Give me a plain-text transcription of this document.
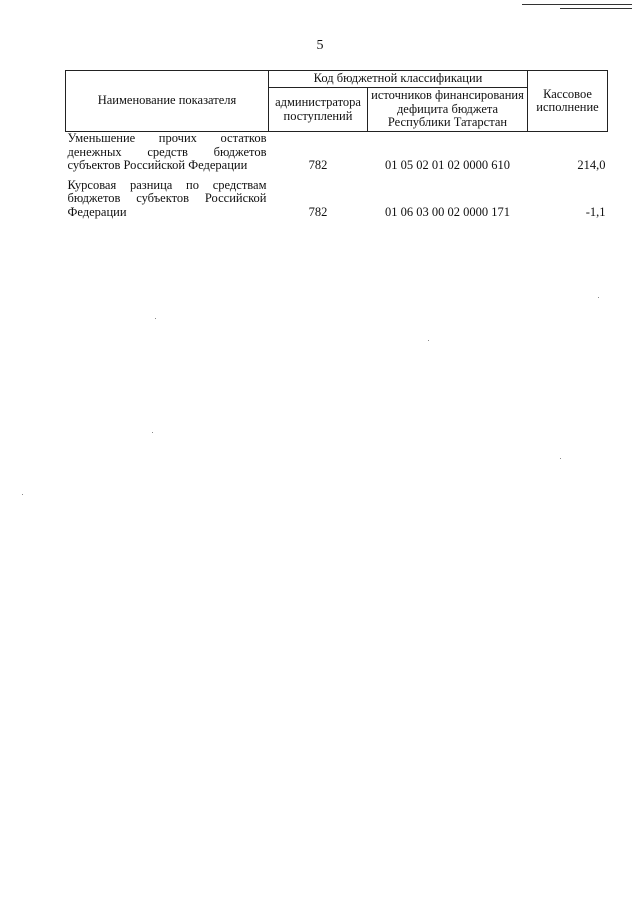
5
Наименование показателя	Код бюджетной классификации		Кассовое исполнение
	администратора поступлений	источников финансирования дефицита бюджета Республики Татарстан	
Уменьшение прочих остатков денежных средств бюджетов субъектов Российской Федерации	782	01 05 02 01 02 0000 610	214,0

Курсовая разница по средствам бюджетов субъектов Российской Федерации	782	01 06 03 00 02 0000 171	-1,1
